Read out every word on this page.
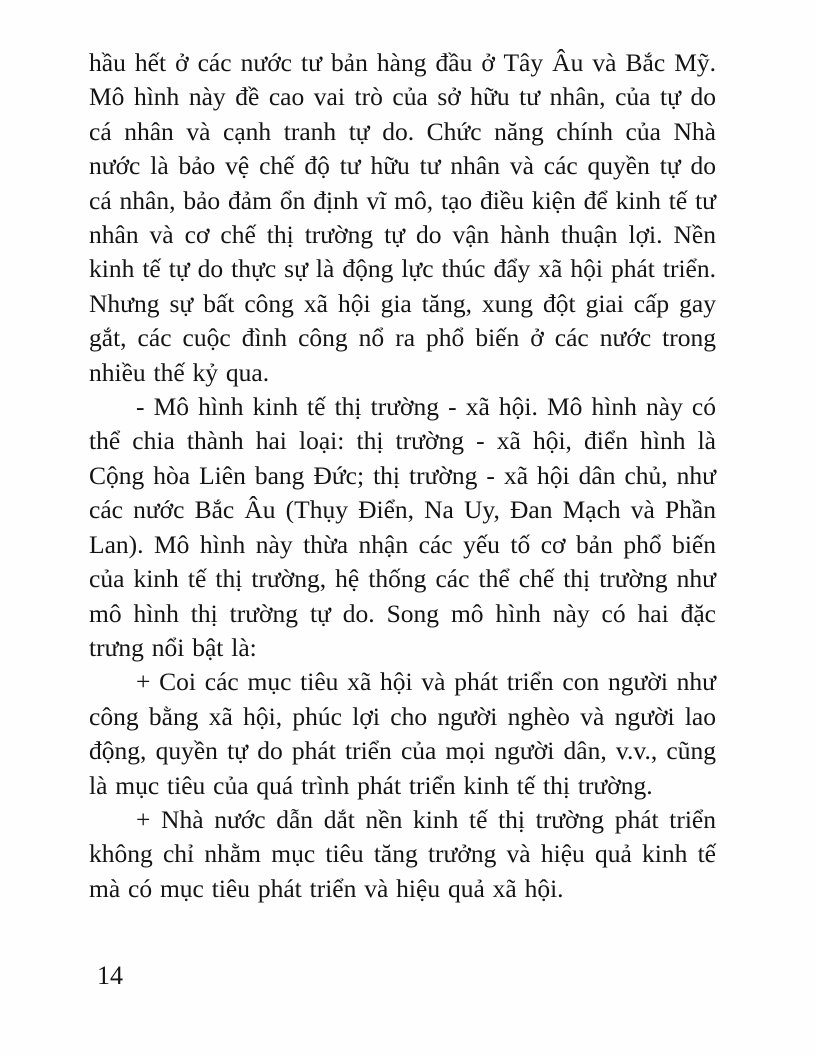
hầu hết ở các nước tư bản hàng đầu ở Tây Âu và Bắc Mỹ. Mô hình này đề cao vai trò của sở hữu tư nhân, của tự do cá nhân và cạnh tranh tự do. Chức năng chính của Nhà nước là bảo vệ chế độ tư hữu tư nhân và các quyền tự do cá nhân, bảo đảm ổn định vĩ mô, tạo điều kiện để kinh tế tư nhân và cơ chế thị trường tự do vận hành thuận lợi. Nền kinh tế tự do thực sự là động lực thúc đẩy xã hội phát triển. Nhưng sự bất công xã hội gia tăng, xung đột giai cấp gay gắt, các cuộc đình công nổ ra phổ biến ở các nước trong nhiều thế kỷ qua.

- Mô hình kinh tế thị trường - xã hội. Mô hình này có thể chia thành hai loại: thị trường - xã hội, điển hình là Cộng hòa Liên bang Đức; thị trường - xã hội dân chủ, như các nước Bắc Âu (Thụy Điển, Na Uy, Đan Mạch và Phần Lan). Mô hình này thừa nhận các yếu tố cơ bản phổ biến của kinh tế thị trường, hệ thống các thể chế thị trường như mô hình thị trường tự do. Song mô hình này có hai đặc trưng nổi bật là:

+ Coi các mục tiêu xã hội và phát triển con người như công bằng xã hội, phúc lợi cho người nghèo và người lao động, quyền tự do phát triển của mọi người dân, v.v., cũng là mục tiêu của quá trình phát triển kinh tế thị trường.

+ Nhà nước dẫn dắt nền kinh tế thị trường phát triển không chỉ nhằm mục tiêu tăng trưởng và hiệu quả kinh tế mà có mục tiêu phát triển và hiệu quả xã hội.

14
